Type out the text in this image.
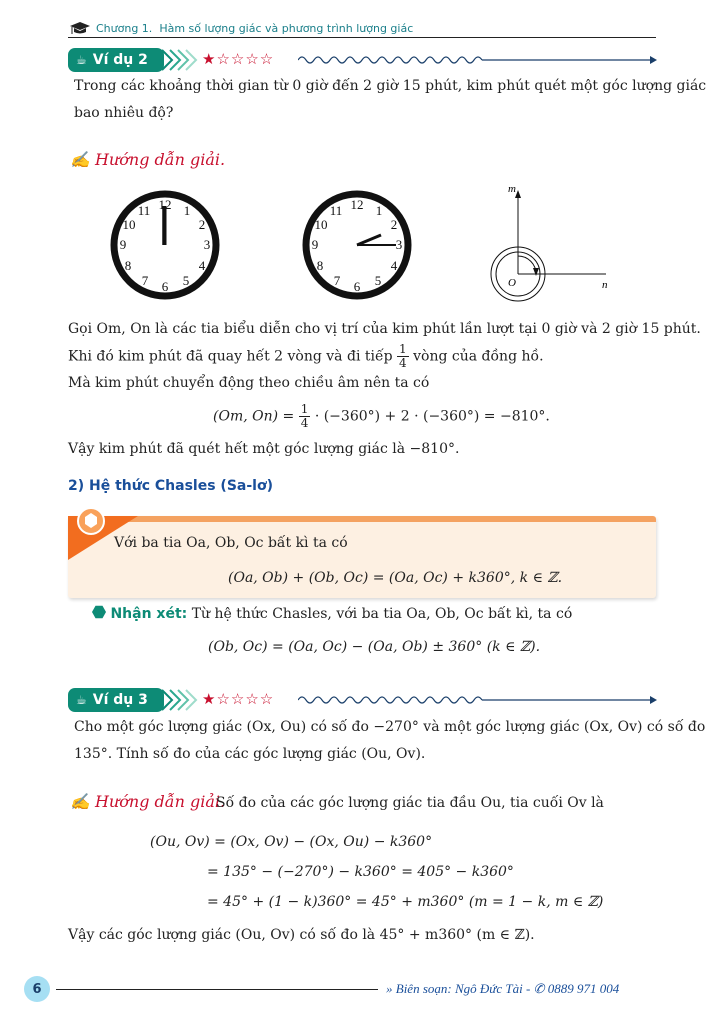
Chương 1. Hàm số lượng giác và phương trình lượng giác
☕ Ví dụ 2	★☆☆☆☆

Trong các khoảng thời gian từ 0 giờ đến 2 giờ 15 phút, kim phút quét một góc lượng giác

bao nhiêu độ?

✍ Hướng dẫn giải.
12 1
2
3
4
5
6
7
8
9
10
11	12 1
2
3
4
5
6
7
8
9
10
11
m
O	n

Gọi Om, On là các tia biểu diễn cho vị trí của kim phút lần lượt tại 0 giờ và 2 giờ 15 phút.

Khi đó kim phút đã quay hết 2 vòng và đi tiếp $\frac{1}{4}$ vòng của đồng hồ.

Mà kim phút chuyển động theo chiều âm nên ta có

(Om, $On) = \frac{1}{4} \cdot (-360^\circ) + 2 \cdot (-360^\circ) = -810^\circ$.

Vậy kim phút đã quét hết một góc lượng giác là −810°.

2) Hệ thức Chasles (Sa-lơ)

Với ba tia Oa, Ob, Oc bất kì ta có

(Oa, Ob) + (Ob, Oc) = (Oa, Oc) + k360°, k ∈ ℤ.

Nhận xét: Từ hệ thức Chasles, với ba tia Oa, Ob, Oc bất kì, ta có

(Ob, Oc) = (Oa, Oc) − (Oa, Ob) ± 360° (k ∈ ℤ).

☕ Ví dụ 3	★☆☆☆☆

Cho một góc lượng giác (Ox, Ou) có số đo −270° và một góc lượng giác (Ox, Ov) có số đo

135°. Tính số đo của các góc lượng giác (Ou, Ov).

✍ Hướng dẫn giải.

Số đo của các góc lượng giác tia đầu Ou, tia cuối Ov là

(Ou, Ov) = (Ox, Ov) − (Ox, Ou) − k360°

= 135° − (−270°) − k360° = 405° − k360°

= 45° + (1 − k)360° = 45° + m360° (m = 1 − k, m ∈ ℤ)

Vậy các góc lượng giác (Ou, Ov) có số đo là 45° + m360° (m ∈ ℤ).

6	» Biên soạn: Ngô Đức Tài - ✆ 0889 971 004
